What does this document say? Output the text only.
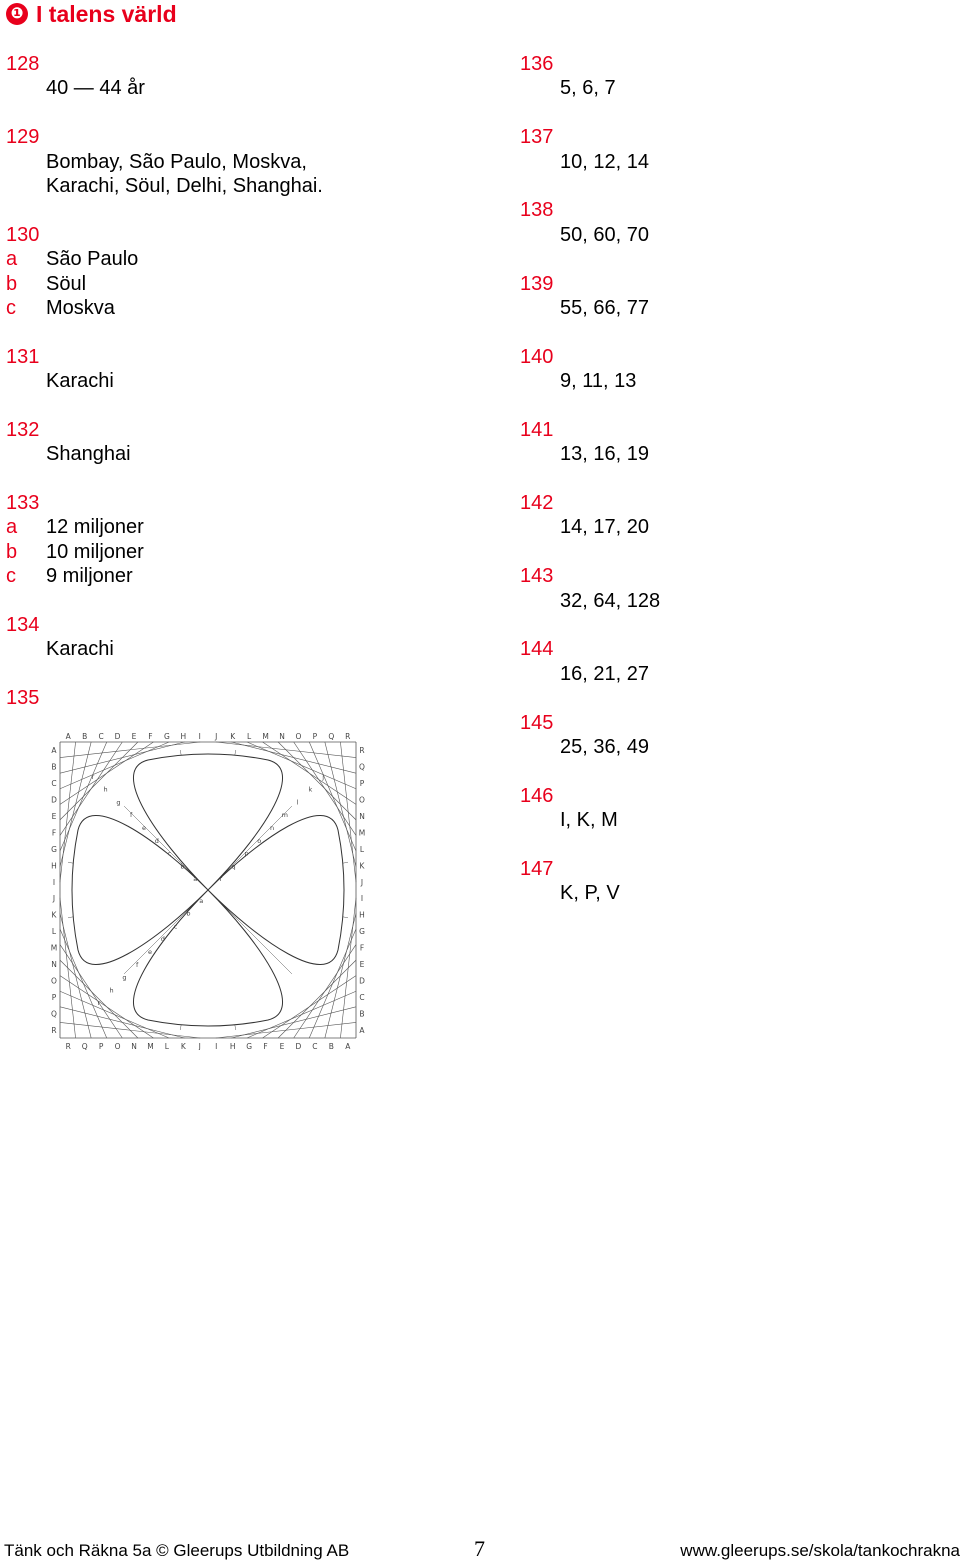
❶ I talens värld
128
40 — 44 år
129
Bombay, São Paulo, Moskva,
Karachi, Söul, Delhi, Shanghai.
130
a	São Paulo
b	Söul
c	Moskva
131
Karachi
132
Shanghai
133
a	12 miljoner
b	10 miljoner
c	9 miljoner
134
Karachi
135
136
5, 6, 7
137
10, 12, 14
138
50, 60, 70
139
55, 66, 77
140
9, 11, 13
141
13, 16, 19
142
14, 17, 20
143
32, 64, 128
144
16, 21, 27
145
25, 36, 49
146
I, K, M
147
K, P, V
A
R
A	R
B
Q
B	Q
C
P
C	P
D
O
D	O
E
N
E	N
F
M
F	M
G
L
G	L
H
K
H	K
I
J
I	J
J
I
J	I
K
H
K	H
L
G
L	G
M
F
M	F
N
E
N	E
O
D
O	D
P
C
P	C
Q
B
Q	B
R
A
R	A
r
r
h
h
g
g
f
f
e
e
d
d
c
c
b
b
a
a
j
k
l
m
n
o
p
q
r
Tänk och Räkna 5a © Gleerups Utbildning AB	7	www.gleerups.se/skola/tankochrakna
